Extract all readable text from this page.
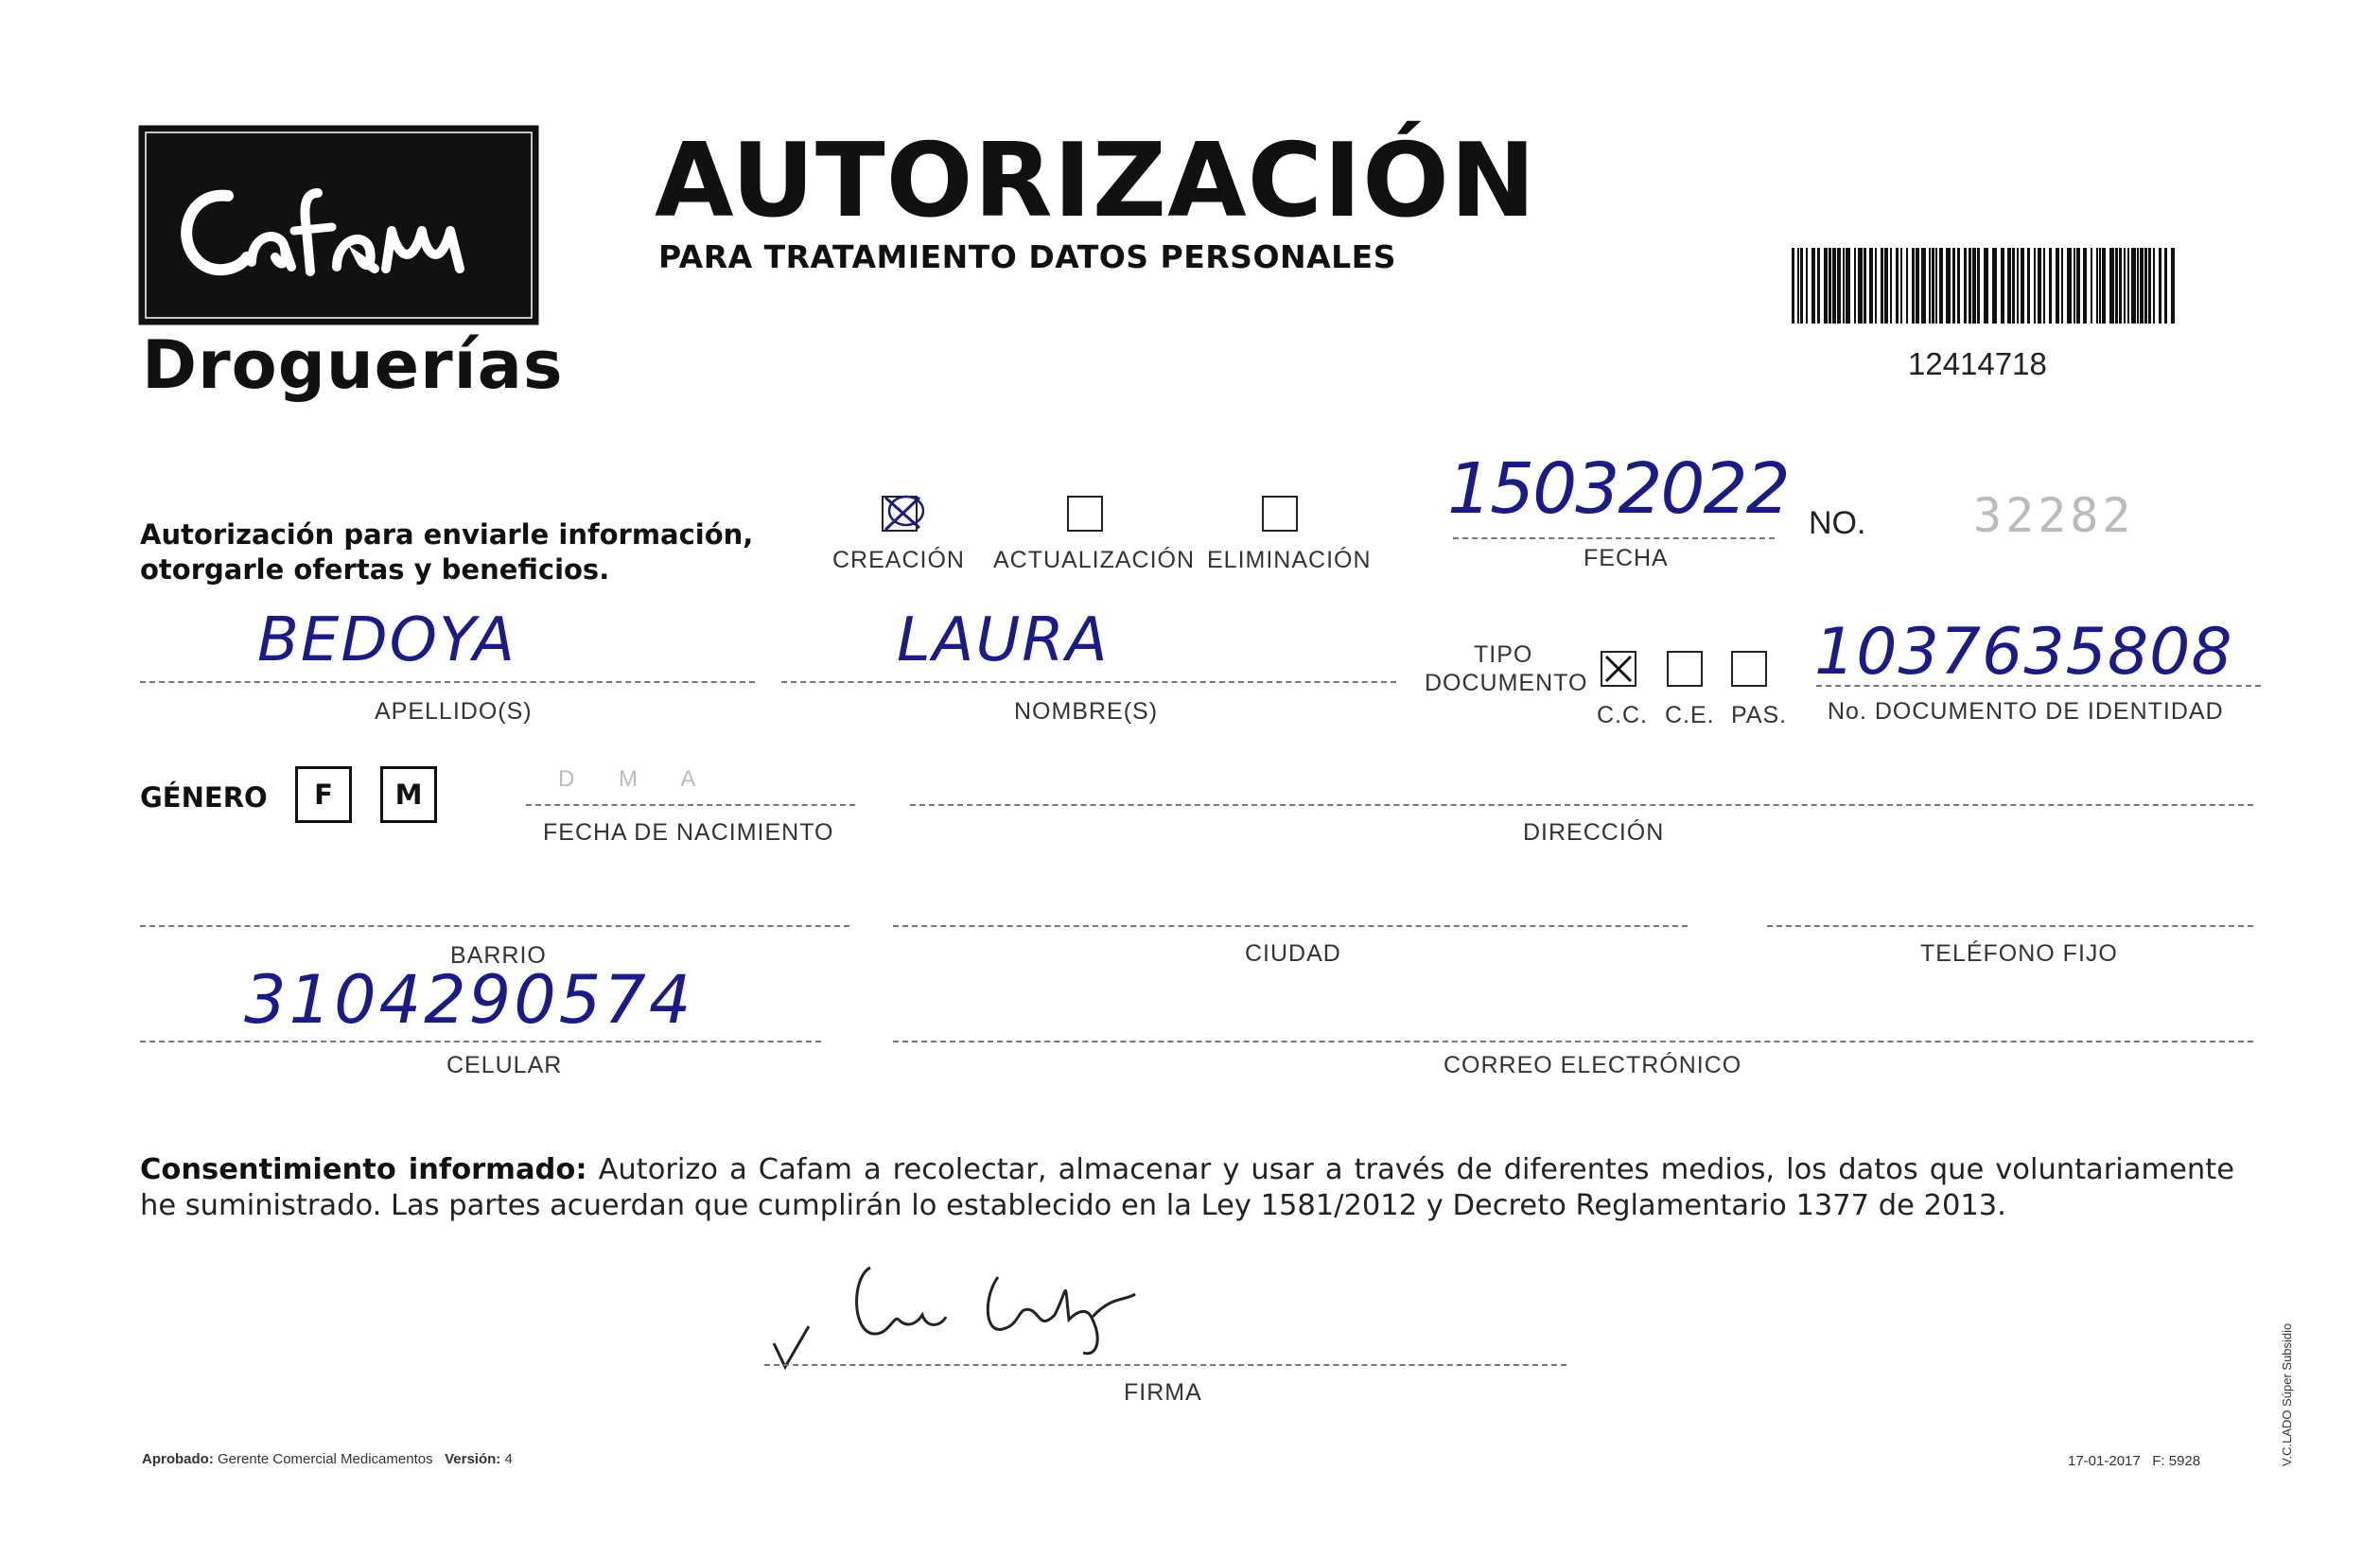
Droguerías
AUTORIZACIÓN
PARA TRATAMIENTO DATOS PERSONALES
12414718
Autorización para enviarle información,
otorgarle ofertas y beneficios.	CREACIÓN ACTUALIZACIÓN ELIMINACIÓN
15032022
FECHA
NO. 32282
BEDOYA
APELLIDO(S)
LAURA
NOMBRE(S)
TIPO
DOCUMENTO
C.C. C.E. PAS.
1037635808
No. DOCUMENTO DE IDENTIDAD
GÉNERO	F	M	D M A
FECHA DE NACIMIENTO	DIRECCIÓN
BARRIO	CIUDAD	TELÉFONO FIJO
3104290574
CELULAR	CORREO ELECTRÓNICO
Consentimiento informado: Autorizo a Cafam a recolectar, almacenar y usar a través de diferentes medios, los datos que voluntariamente he suministrado. Las partes acuerdan que cumplirán lo establecido en la Ley 1581/2012 y Decreto Reglamentario 1377 de 2013.
FIRMA
Aprobado: Gerente Comercial Medicamentos Versión: 4	17-01-2017 F: 5928	V.C.LADO Súper Subsidio
